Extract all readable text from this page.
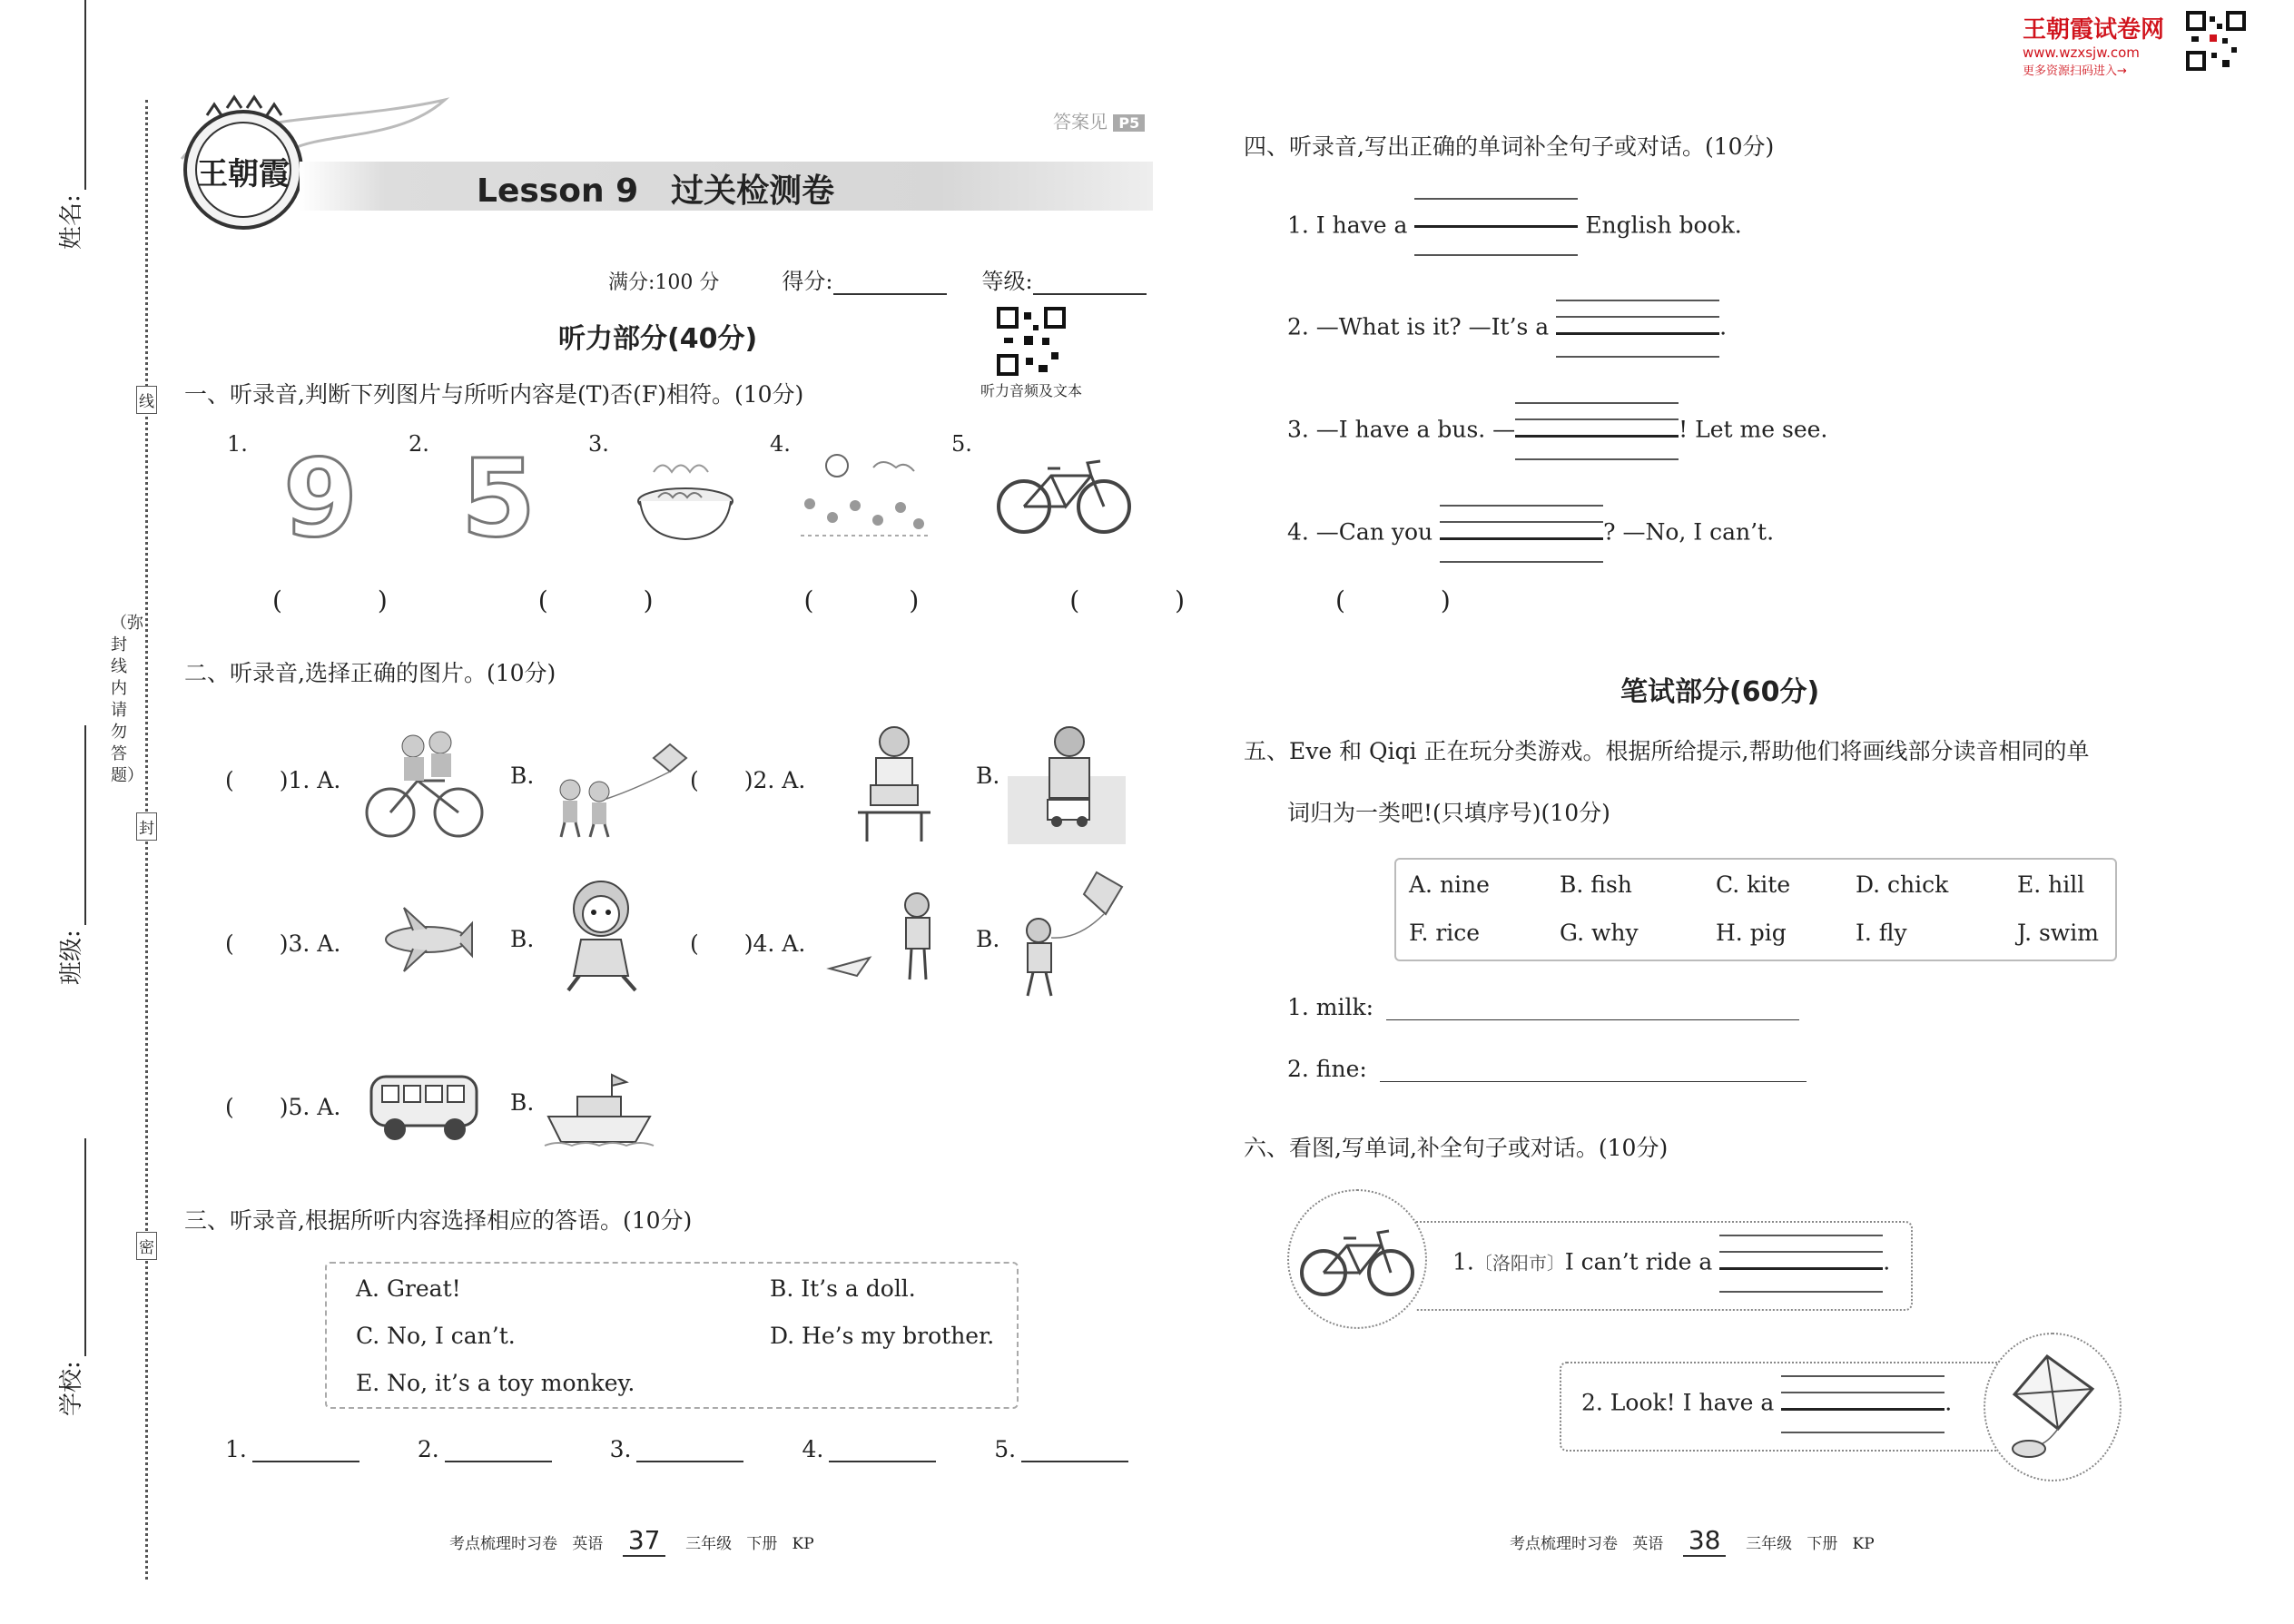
王朝霞试卷网
www.wzxsjw.com
更多资源扫码进入→
线
封
密
（弥封线内请勿答题）
姓名:
班级:
学校:
王朝霞
答案见 P5
Lesson 9　过关检测卷
满分:100 分	得分:	等级:
听力部分(40分)
听力音频及文本
一、听录音,判断下列图片与所听内容是(T)否(F)相符。(10分)
1.	2.	3.	4.	5.
9 5
( )	( )	( )	( )	( )
二、听录音,选择正确的图片。(10分)
(　　)1. A.	B.	(　　)2. A.	B.
(　　)3. A.	B.	(　　)4. A.	B.
(　　)5. A.	B.
三、听录音,根据所听内容选择相应的答语。(10分)
A. Great!	B. It’s a doll.
C. No, I can’t.	D. He’s my brother.
E. No, it’s a toy monkey.
1.	2.	3.	4.	5.
考点梳理时习卷 英语 37 三年级 下册 KP
四、听录音,写出正确的单词补全句子或对话。(10分)
1. I have a	English book.
2. —What is it? —It’s a	.
3. —I have a bus. —	! Let me see.
4. —Can you	? —No, I can’t.
笔试部分(60分)
五、Eve 和 Qiqi 正在玩分类游戏。根据所给提示,帮助他们将画线部分读音相同的单
词归为一类吧!(只填序号)(10分)
A. nine	B. fish	C. kite	D. chick	E. hill
F. rice	G. why	H. pig	I. fly	J. swim
1. milk:
2. fine:
六、看图,写单词,补全句子或对话。(10分)
1.〔洛阳市〕I can’t ride a	.
2. Look! I have a	.
考点梳理时习卷 英语 38 三年级 下册 KP
